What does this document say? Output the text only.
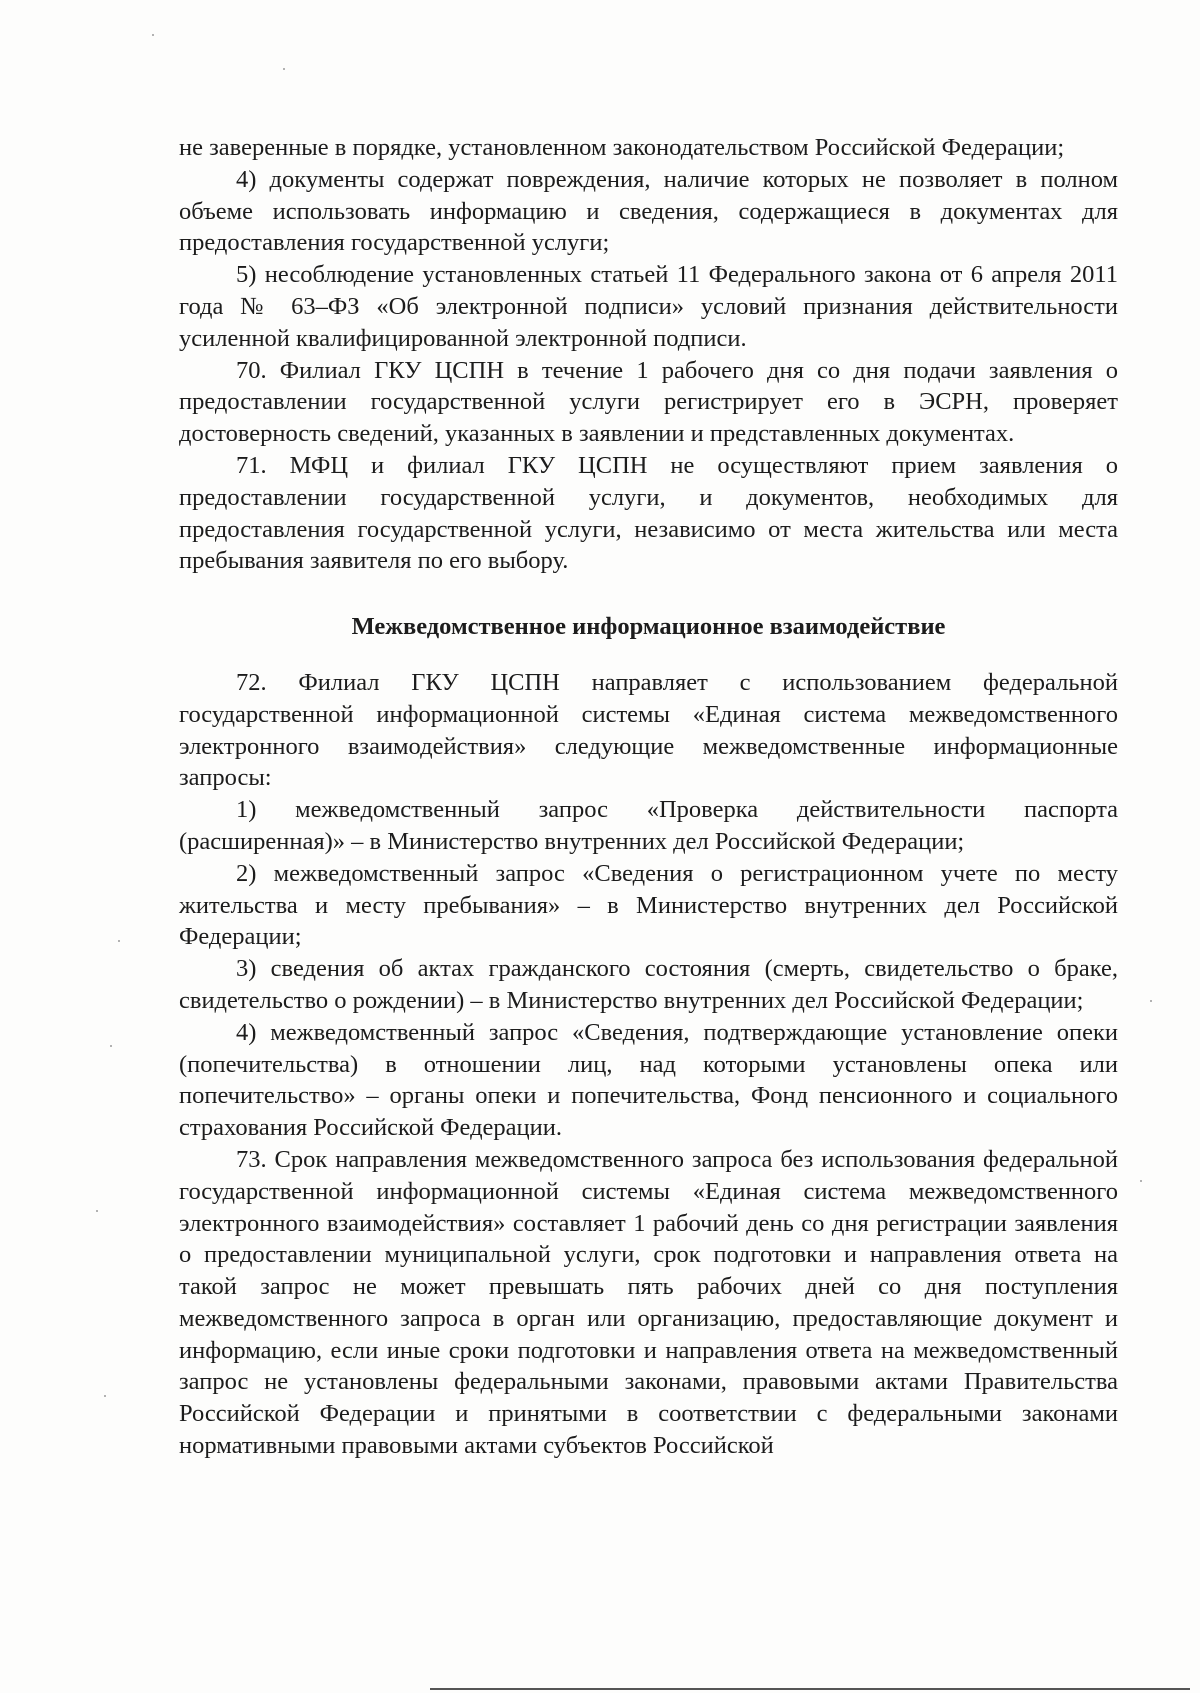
не заверенные в порядке, установленном законодательством Российской Федерации;

4) документы содержат повреждения, наличие которых не позволяет в полном объеме использовать информацию и сведения, содержащиеся в документах для предоставления государственной услуги;

5) несоблюдение установленных статьей 11 Федерального закона от 6 апреля 2011 года № 63–ФЗ «Об электронной подписи» условий признания действительности усиленной квалифицированной электронной подписи.

70. Филиал ГКУ ЦСПН в течение 1 рабочего дня со дня подачи заявления о предоставлении государственной услуги регистрирует его в ЭСРН, проверяет достоверность сведений, указанных в заявлении и представленных документах.

71. МФЦ и филиал ГКУ ЦСПН не осуществляют прием заявления о предоставлении государственной услуги, и документов, необходимых для предоставления государственной услуги, независимо от места жительства или места пребывания заявителя по его выбору.

Межведомственное информационное взаимодействие

72. Филиал ГКУ ЦСПН направляет с использованием федеральной государственной информационной системы «Единая система межведомственного электронного взаимодействия» следующие межведомственные информационные запросы:

1) межведомственный запрос «Проверка действительности паспорта (расширенная)» – в Министерство внутренних дел Российской Федерации;

2) межведомственный запрос «Сведения о регистрационном учете по месту жительства и месту пребывания» – в Министерство внутренних дел Российской Федерации;

3) сведения об актах гражданского состояния (смерть, свидетельство о браке, свидетельство о рождении) – в Министерство внутренних дел Российской Федерации;

4) межведомственный запрос «Сведения, подтверждающие установление опеки (попечительства) в отношении лиц, над которыми установлены опека или попечительство» – органы опеки и попечительства, Фонд пенсионного и социального страхования Российской Федерации.

73. Срок направления межведомственного запроса без использования федеральной государственной информационной системы «Единая система межведомственного электронного взаимодействия» составляет 1 рабочий день со дня регистрации заявления о предоставлении муниципальной услуги, срок подготовки и направления ответа на такой запрос не может превышать пять рабочих дней со дня поступления межведомственного запроса в орган или организацию, предоставляющие документ и информацию, если иные сроки подготовки и направления ответа на межведомственный запрос не установлены федеральными законами, правовыми актами Правительства Российской Федерации и принятыми в соответствии с федеральными законами нормативными правовыми актами субъектов Российской
